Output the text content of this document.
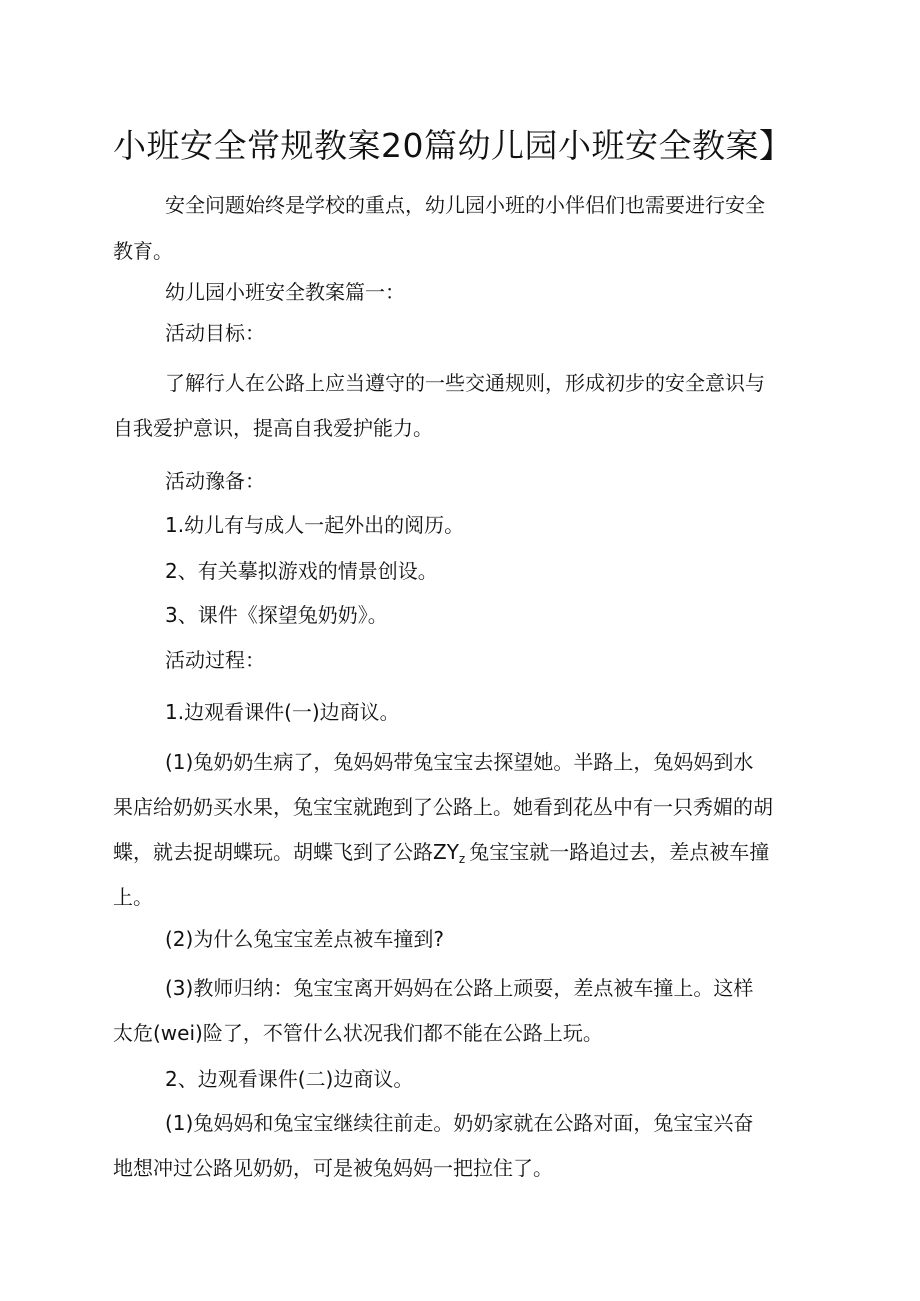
小班安全常规教案20篇幼儿园小班安全教案】

安全问题始终是学校的重点，幼儿园小班的小伴侣们也需要进行安全

教育。

幼儿园小班安全教案篇一：

活动目标：

了解行人在公路上应当遵守的一些交通规则，形成初步的安全意识与

自我爱护意识，提高自我爱护能力。

活动豫备：

1.幼儿有与成人一起外出的阅历。

2、有关摹拟游戏的情景创设。

3、课件《探望兔奶奶》。

活动过程：

1.边观看课件(一)边商议。

(1)兔奶奶生病了，兔妈妈带兔宝宝去探望她。半路上，兔妈妈到水

果店给奶奶买水果，兔宝宝就跑到了公路上。她看到花丛中有一只秀媚的胡

蝶，就去捉胡蝶玩。胡蝶飞到了公路$ZY_z$ 兔宝宝就一路追过去，差点被车撞

上。

(2)为什么兔宝宝差点被车撞到?

(3)教师归纳：兔宝宝离开妈妈在公路上顽耍，差点被车撞上。这样

太危(wei)险了，不管什么状况我们都不能在公路上玩。

2、边观看课件(二)边商议。

(1)兔妈妈和兔宝宝继续往前走。奶奶家就在公路对面，兔宝宝兴奋

地想冲过公路见奶奶，可是被兔妈妈一把拉住了。
